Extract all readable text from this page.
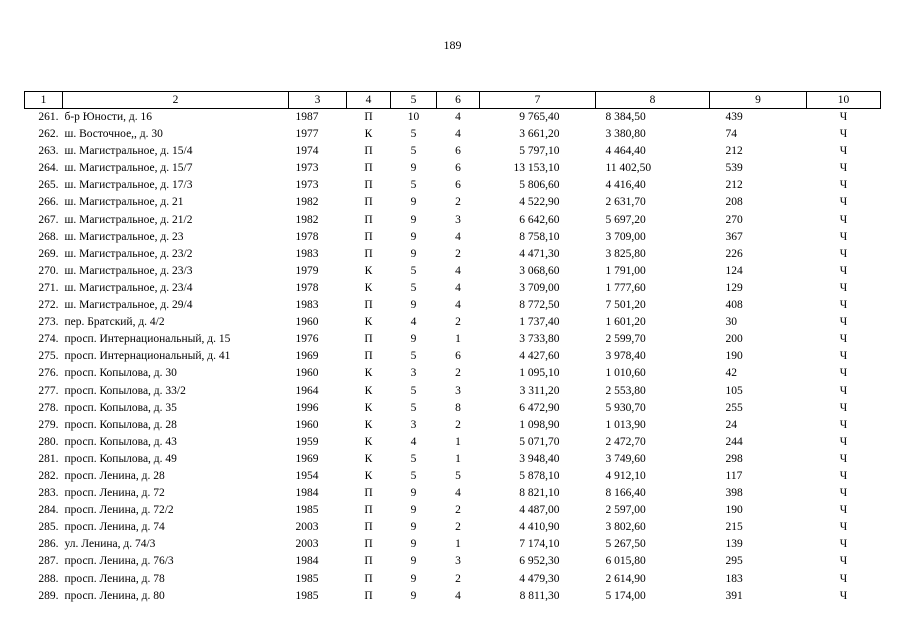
189
1	2	3	4	5	6	7	8	9	10
261.	б-р Юности, д. 16	1987	П	10	4	9 765,40	8 384,50	439	Ч
262.	ш. Восточное,, д. 30	1977	К	5	4	3 661,20	3 380,80	74	Ч
263.	ш. Магистральное, д. 15/4	1974	П	5	6	5 797,10	4 464,40	212	Ч
264.	ш. Магистральное, д. 15/7	1973	П	9	6	13 153,10	11 402,50	539	Ч
265.	ш. Магистральное, д. 17/3	1973	П	5	6	5 806,60	4 416,40	212	Ч
266.	ш. Магистральное, д. 21	1982	П	9	2	4 522,90	2 631,70	208	Ч
267.	ш. Магистральное, д. 21/2	1982	П	9	3	6 642,60	5 697,20	270	Ч
268.	ш. Магистральное, д. 23	1978	П	9	4	8 758,10	3 709,00	367	Ч
269.	ш. Магистральное, д. 23/2	1983	П	9	2	4 471,30	3 825,80	226	Ч
270.	ш. Магистральное, д. 23/3	1979	К	5	4	3 068,60	1 791,00	124	Ч
271.	ш. Магистральное, д. 23/4	1978	К	5	4	3 709,00	1 777,60	129	Ч
272.	ш. Магистральное, д. 29/4	1983	П	9	4	8 772,50	7 501,20	408	Ч
273.	пер. Братский, д. 4/2	1960	К	4	2	1 737,40	1 601,20	30	Ч
274.	просп. Интернациональный, д. 15	1976	П	9	1	3 733,80	2 599,70	200	Ч
275.	просп. Интернациональный, д. 41	1969	П	5	6	4 427,60	3 978,40	190	Ч
276.	просп. Копылова, д. 30	1960	К	3	2	1 095,10	1 010,60	42	Ч
277.	просп. Копылова, д. 33/2	1964	К	5	3	3 311,20	2 553,80	105	Ч
278.	просп. Копылова, д. 35	1996	К	5	8	6 472,90	5 930,70	255	Ч
279.	просп. Копылова, д. 28	1960	К	3	2	1 098,90	1 013,90	24	Ч
280.	просп. Копылова, д. 43	1959	К	4	1	5 071,70	2 472,70	244	Ч
281.	просп. Копылова, д. 49	1969	К	5	1	3 948,40	3 749,60	298	Ч
282.	просп. Ленина, д. 28	1954	К	5	5	5 878,10	4 912,10	117	Ч
283.	просп. Ленина, д. 72	1984	П	9	4	8 821,10	8 166,40	398	Ч
284.	просп. Ленина, д. 72/2	1985	П	9	2	4 487,00	2 597,00	190	Ч
285.	просп. Ленина, д. 74	2003	П	9	2	4 410,90	3 802,60	215	Ч
286.	ул. Ленина, д. 74/3	2003	П	9	1	7 174,10	5 267,50	139	Ч
287.	просп. Ленина, д. 76/3	1984	П	9	3	6 952,30	6 015,80	295	Ч
288.	просп. Ленина, д. 78	1985	П	9	2	4 479,30	2 614,90	183	Ч
289.	просп. Ленина, д. 80	1985	П	9	4	8 811,30	5 174,00	391	Ч
